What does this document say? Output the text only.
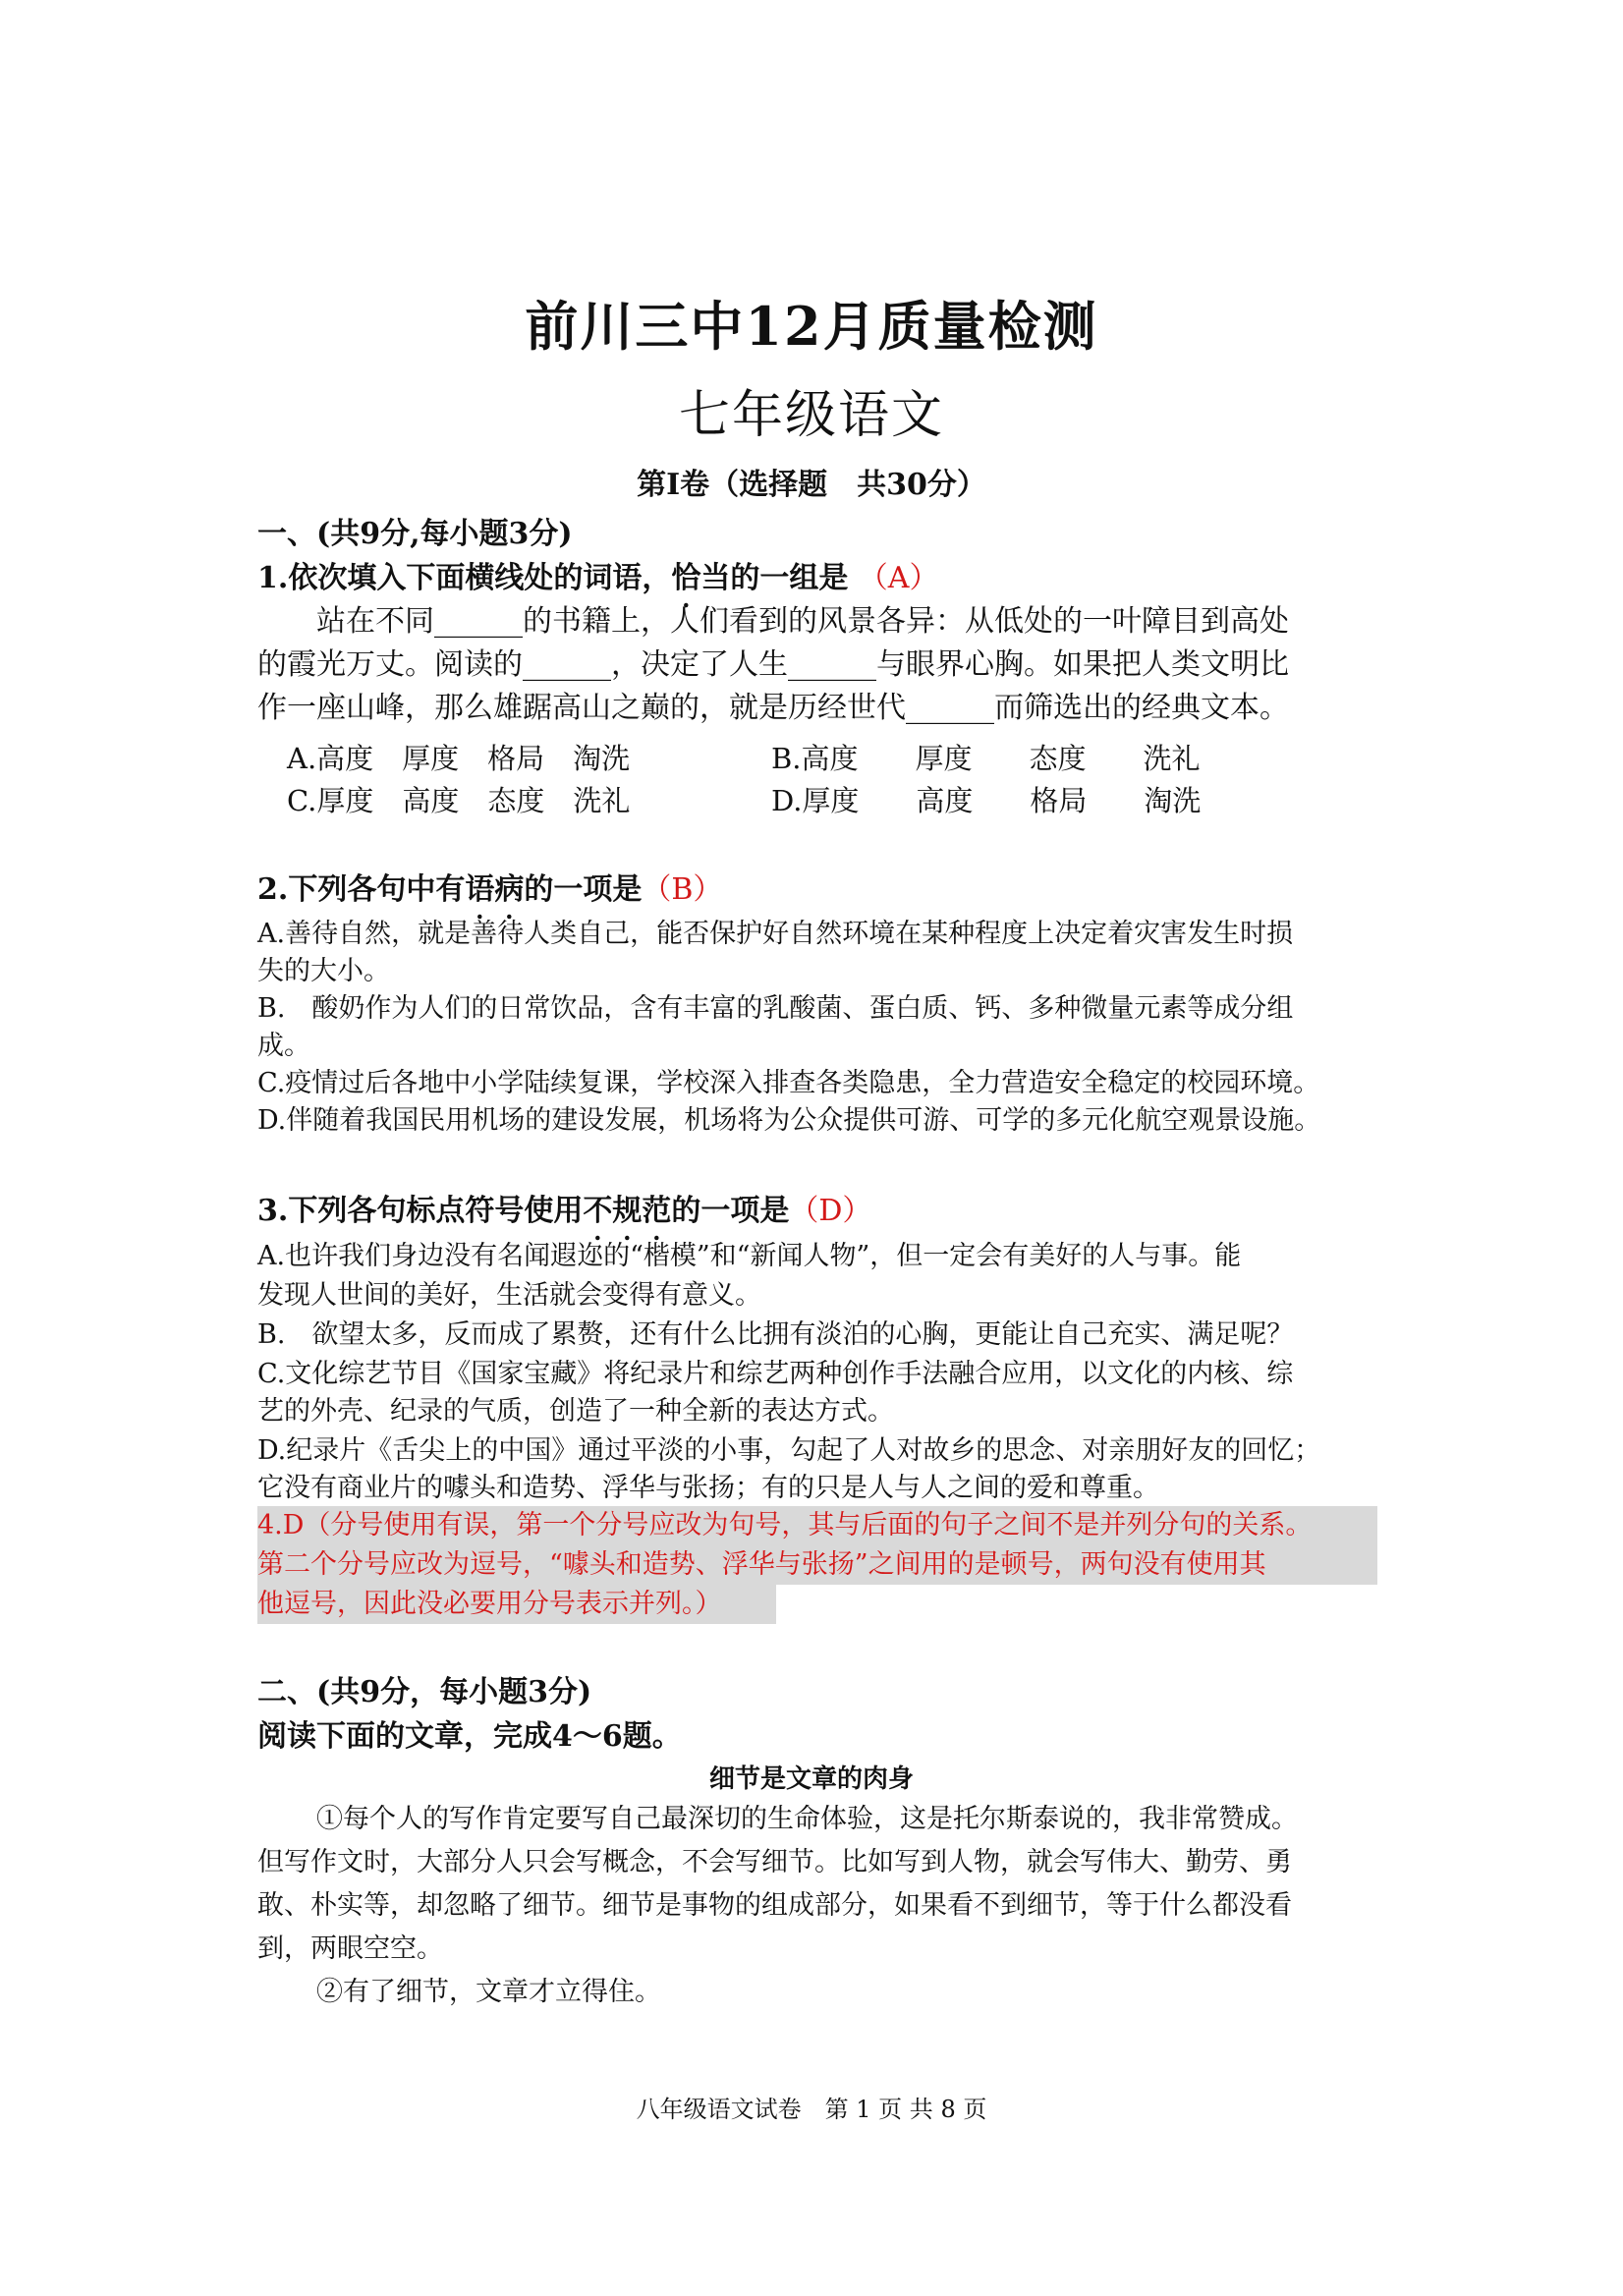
前川三中12月质量检测
七年级语文
第Ⅰ卷（选择题　共30分）
一、(共9分,每小题3分)
1.依次填入下面横线处的词语，恰当的一组是 （A）
站在不同______的书籍上，人们看到的风景各异：从低处的一叶障目到高处
的霞光万丈。阅读的______，决定了人生______与眼界心胸。如果把人类文明比
作一座山峰，那么雄踞高山之巅的，就是历经世代______而筛选出的经典文本。
A.高度　厚度　格局　淘洗	B.高度　　厚度　　态度　　洗礼
C.厚度　高度　态度　洗礼	D.厚度　　高度　　格局　　淘洗
2.下列各句中有语病的一项是（B）
A.善待自然，就是善待人类自己，能否保护好自然环境在某种程度上决定着灾害发生时损
失的大小。
B.　酸奶作为人们的日常饮品，含有丰富的乳酸菌、蛋白质、钙、多种微量元素等成分组
成。
C.疫情过后各地中小学陆续复课，学校深入排查各类隐患，全力营造安全稳定的校园环境。
D.伴随着我国民用机场的建设发展，机场将为公众提供可游、可学的多元化航空观景设施。
3.下列各句标点符号使用不规范的一项是（D）
A.也许我们身边没有名闻遐迩的“楷模”和“新闻人物”，但一定会有美好的人与事。能
发现人世间的美好，生活就会变得有意义。
B.　欲望太多，反而成了累赘，还有什么比拥有淡泊的心胸，更能让自己充实、满足呢？
C.文化综艺节目《国家宝藏》将纪录片和综艺两种创作手法融合应用，以文化的内核、综
艺的外壳、纪录的气质，创造了一种全新的表达方式。
D.纪录片《舌尖上的中国》通过平淡的小事，勾起了人对故乡的思念、对亲朋好友的回忆；
它没有商业片的噱头和造势、浮华与张扬；有的只是人与人之间的爱和尊重。
4.D（分号使用有误，第一个分号应改为句号，其与后面的句子之间不是并列分句的关系。
第二个分号应改为逗号，“噱头和造势、浮华与张扬”之间用的是顿号，两句没有使用其
他逗号，因此没必要用分号表示并列。）
二、(共9分，每小题3分)
阅读下面的文章，完成4～6题。
细节是文章的肉身
①每个人的写作肯定要写自己最深切的生命体验，这是托尔斯泰说的，我非常赞成。
但写作文时，大部分人只会写概念，不会写细节。比如写到人物，就会写伟大、勤劳、勇
敢、朴实等，却忽略了细节。细节是事物的组成部分，如果看不到细节，等于什么都没看
到，两眼空空。
②有了细节，文章才立得住。
八年级语文试卷　第 1 页 共 8 页
